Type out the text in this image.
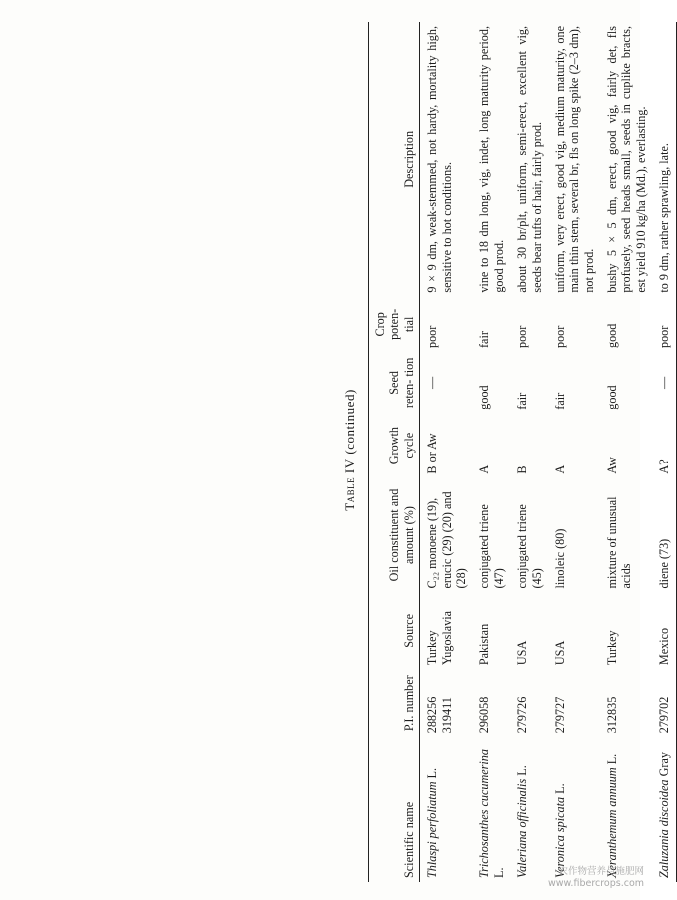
Table IV (continued)
Scientific name	P.I. number	Source	Oil constituent and amount (%)	Growth cycle	Seed reten- tion	Crop poten- tial	Description
Thlaspi perfoliatum L.	288256 319411	Turkey Yugoslavia	C₂₂ monoene (19), erucic (29) (20) and (28)	B or Aw	—	poor	9 × 9 dm, weak-stemmed, not hardy, mortality high, sensitive to hot conditions.
Trichosanthes cucumerina L.	296058	Pakistan	conjugated triene (47)	A	good	fair	vine to 18 dm long, vig, indet, long maturity period, good prod.
Valeriana officinalis L.	279726	USA	conjugated triene (45)	B	fair	poor	about 30 br/plt, uniform, semi-erect, excellent vig, seeds bear tufts of hair, fairly prod.
Veronica spicata L.	279727	USA	linoleic (80)	A	fair	poor	uniform, very erect, good vig, medium maturity, one main thin stem, several br, fls on long spike (2–3 dm), not prod.
Xeranthemum annuum L.	312835	Turkey	mixture of unusual acids	Aw	good	good	bushy 5 × 5 dm, erect, good vig, fairly det, fls profusely, seed heads small, seeds in cuplike bracts, est yield 910 kg/ha (Md.), everlasting.
Zaluzania discoidea Gray	279702	Mexico	diene (73)	A?	—	poor	to 9 dm, rather sprawling, late.
农作物营养与施肥网
www.fibercrops.com
